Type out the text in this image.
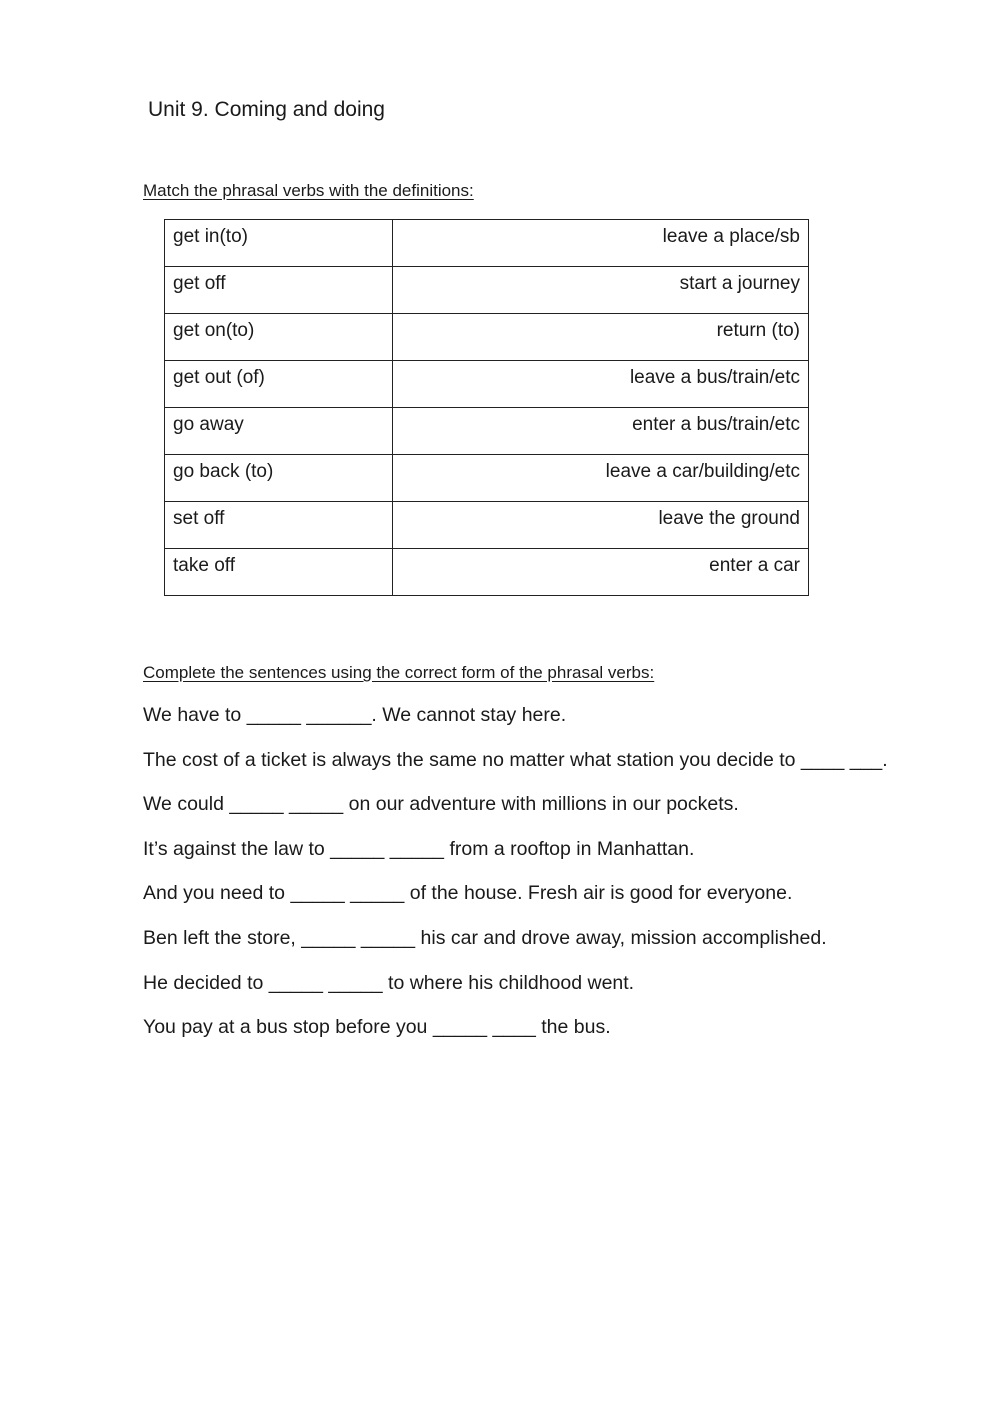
Unit 9. Coming and doing
Match the phrasal verbs with the definitions:
get in(to)	leave a place/sb
get off	start a journey
get on(to)	return (to)
get out (of)	leave a bus/train/etc
go away	enter a bus/train/etc
go back (to)	leave a car/building/etc
set off	leave the ground
take off	enter a car
Complete the sentences using the correct form of the phrasal verbs:
We have to _____ ______. We cannot stay here.
The cost of a ticket is always the same no matter what station you decide to ____ ___.
We could _____ _____ on our adventure with millions in our pockets.
It’s against the law to _____ _____ from a rooftop in Manhattan.
And you need to _____ _____ of the house. Fresh air is good for everyone.
Ben left the store, _____ _____ his car and drove away, mission accomplished.
He decided to _____ _____ to where his childhood went.
You pay at a bus stop before you _____ ____ the bus.
